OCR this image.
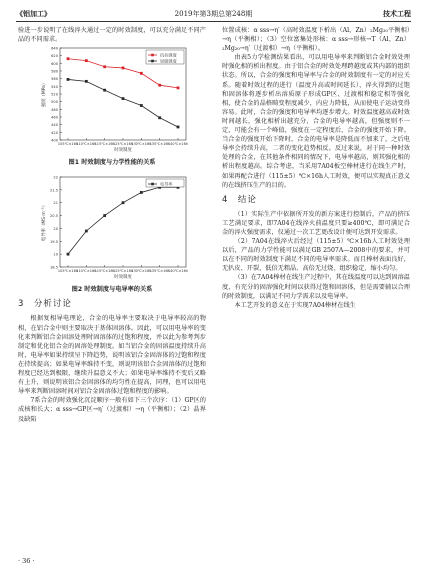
《铝加工》	2019年第3期总第248期	技术工程

验进一步说明了在线淬火通过一定的时效制度，可以充分满足不同产品的不同需求。

400
420
440
460
480
500
520
540
560
580
600
620
640
105℃×16h
110℃×16h
115℃×16h
125℃×16h
130℃×16h
135℃×16h
140℃×16h
时效制度
强度（MPa）
抗拉强度
屈服强度
图1 时效制度与力学性能的关系
18.5
19
19.5
20
20.5
21
21.5
22
105℃×16h
110℃×16h
115℃×16h
125℃×16h
130℃×16h
135℃×16h
140℃×16h
时效制度
电导率（MS·m⁻¹）
电导率
图2 时效制度与电导率的关系
3　分析讨论

根据复相导电理论，合金的电导率主要取决于电导率较高的物相，在铝合金中则主要取决于基体固溶体。因此，可以用电导率的变化来判断铝合金固溶处理时固溶体的过饱和程度，并以此为参考判步制定和优化铝合金的固溶处理制度。如当铝合金的固溶温度持续升高时，电导率如果持续呈下降趋势，说明该铝合金固溶体的过饱和程度在持续提高；如果电导率维持不变，则说明该铝合金固溶体的过饱和程度已经达到极限，继续升温意义不大；如果电导率维持不变后又略有上升，则说明该铝合金固溶体的均匀性在提高，同理，也可以用电导率来判断固溶时间对铝合金固溶体过饱和程度的影响。

7系合金的时效强化沉淀顺序一般有如下三个次序：（1）GP区的成核和长大；α sss→GP区→η′（过渡相）→η（平衡相）；（2）晶界及缺陷

位置成核：α sss→η′（高时效温度下析出（Al，Zn）₂Mg₂₀平衡相）→η（平衡相）；（3）空位富集处形核：α sss→形核→T（Al，Zn）₂Mg₂₀→η′（过渡相）→η（平衡相）。

由表5力学检测结果看出，可以用电导率来判断铝合金时效处理时强化相的析出程度。由于铝合金的时效处理跨越度或其内部的组织状态。所以，合金的强度和电导率与合金的时效制度有一定的对应关系。随着时效过程的进行（温度升高或时间延长），淬火得到的过饱和固溶体将逐步析出溶质原子形成GP区、过渡相和稳定相等强化相，使合金的晶格畸变程度减少，内应力降低，从而使电子运动变得容易。此时，合金的强度和电导率均逐步增大。时效温度越高或时效时间越长，强化相析出越充分，合金的电导率越高，但强度则不一定，可能会有一个峰值，强度在一定程度后，合金的强度开始下降。当合金的强度开始下降时，合金的电导率是降低而不加来了，之后电导率会持续升高，二者的变化趋势相反。反过来说，对于同一种时效处理的合金，在其他条件相同的情况下，电导率越高，则其强化相的析出程度越高。综合考虑，当采用7A04板空棒材进行在线生产时，如果再配合进行（115±5）℃×16h人工时效，便可以实现真正意义的在线挤压生产的目的。

4　结论

（1）实际生产中依据所开发的新方案进行控制后，产品的挤压工艺满足要求，即7A04在线淬火前温度只要≥400℃，即可满足合金的淬火强度需求，仅通过一次工艺更改设计便可达到开发需求。

（2）7A04在线淬火后经过（115±5）℃×16h人工时效处理以后，产品的力学性能可以满足GB 2507A—2008中的要求，并可以在不同的时效制度下满足不同的电导率需求。而且棒材表面良好，无扒皮、开裂、低倍无粗晶、高倍无过烧、组织稳定、缩小均匀。

（3）在7A04棒材在线生产过程中，其在线温度可以达到固溶温度，有充分的固溶强化时间以获得过饱和固溶体，但是需要辅以合理的时效制度，以满足不同力学需求以及电导率。

本工艺开发的意义在于实现7A04棒材在线生

· 36 ·
